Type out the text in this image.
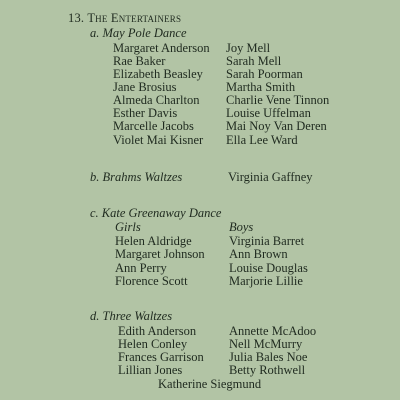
13. The Entertainers
a. May Pole Dance
Margaret Anderson
Rae Baker
Elizabeth Beasley
Jane Brosius
Almeda Charlton
Esther Davis
Marcelle Jacobs
Violet Mai Kisner
Joy Mell
Sarah Mell
Sarah Poorman
Martha Smith
Charlie Vene Tinnon
Louise Uffelman
Mai Noy Van Deren
Ella Lee Ward
b. Brahms Waltzes	Virginia Gaffney
c. Kate Greenaway Dance
Girls	Boys
Helen Aldridge
Margaret Johnson
Ann Perry
Florence Scott
Virginia Barret
Ann Brown
Louise Douglas
Marjorie Lillie
d. Three Waltzes
Edith Anderson
Helen Conley
Frances Garrison
Lillian Jones
Annette McAdoo
Nell McMurry
Julia Bales Noe
Betty Rothwell
Katherine Siegmund
